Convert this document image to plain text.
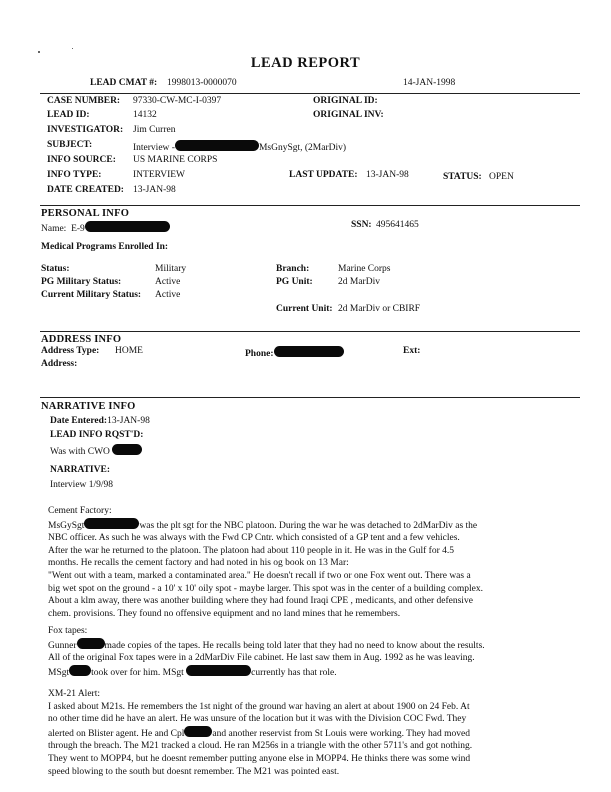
LEAD REPORT
LEAD CMAT #: 1998013-0000070	14-JAN-1998
CASE NUMBER: 97330-CW-MC-I-0397	ORIGINAL ID:
LEAD ID:	14132	ORIGINAL INV:
INVESTIGATOR: Jim Curren
SUBJECT:	Interview -	MsGnySgt, (2MarDiv)
INFO SOURCE: US MARINE CORPS
INFO TYPE:	INTERVIEW	LAST UPDATE: 13-JAN-98	STATUS: OPEN
DATE CREATED: 13-JAN-98
PERSONAL INFO
Name: E-9	SSN: 495641465
Medical Programs Enrolled In:
Status:	Military	Branch:	Marine Corps
PG Military Status:	Active	PG Unit:	2d MarDiv
Current Military Status: Active
Current Unit: 2d MarDiv or CBIRF
ADDRESS INFO
Address Type: HOME	Phone:	Ext:
Address:
NARRATIVE INFO
Date Entered:13-JAN-98
LEAD INFO RQST'D:
Was with CWO
NARRATIVE:
Interview 1/9/98
Cement Factory:
MsGySgt	was the plt sgt for the NBC platoon. During the war he was detached to 2dMarDiv as the
NBC officer. As such he was always with the Fwd CP Cntr. which consisted of a GP tent and a few vehicles.
After the war he returned to the platoon. The platoon had about 110 people in it. He was in the Gulf for 4.5
months. He recalls the cement factory and had noted in his og book on 13 Mar:
"Went out with a team, marked a contaminated area." He doesn't recall if two or one Fox went out. There was a
big wet spot on the ground - a 10' x 10' oily spot - maybe larger. This spot was in the center of a building complex.
About a klm away, there was another building where they had found Iraqi CPE , medicants, and other defensive
chem. provisions. They found no offensive equipment and no land mines that he remembers.
Fox tapes:
Gunner	made copies of the tapes. He recalls being told later that they had no need to know about the results.
All of the original Fox tapes were in a 2dMarDiv File cabinet. He last saw them in Aug. 1992 as he was leaving.
MSgt took over for him. MSgt	currently has that role.
XM-21 Alert:
I asked about M21s. He remembers the 1st night of the ground war having an alert at about 1900 on 24 Feb. At
no other time did he have an alert. He was unsure of the location but it was with the Division COC Fwd. They
alerted on Blister agent. He and Cpl	and another reservist from St Louis were working. They had moved
through the breach. The M21 tracked a cloud. He ran M256s in a triangle with the other 5711's and got nothing.
They went to MOPP4, but he doesnt remember putting anyone else in MOPP4. He thinks there was some wind
speed blowing to the south but doesnt remember. The M21 was pointed east.
